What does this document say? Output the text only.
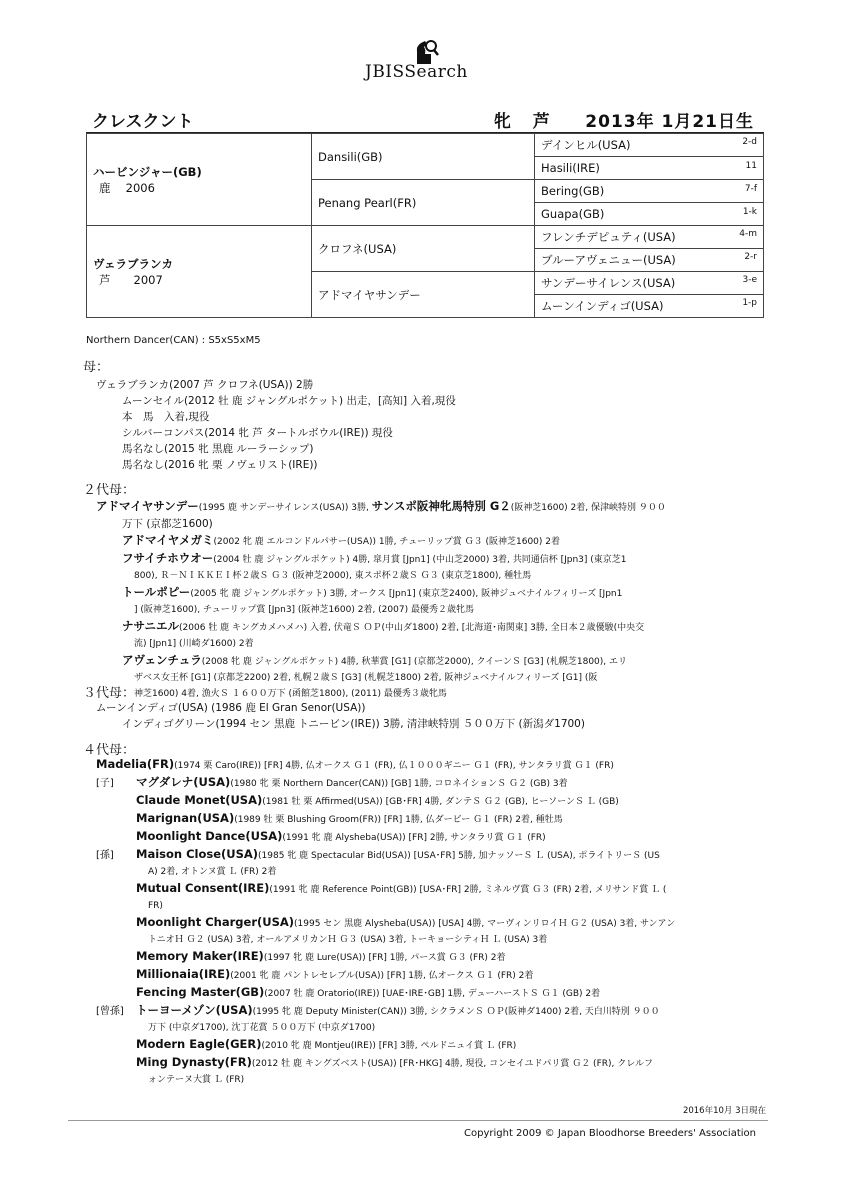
JBISSearch
クレスクント	牝 芦 2013年 1月21日生
ハービンジャー(GB)
鹿　 2006	Dansili(GB)	デインヒル(USA) 2-d

		Hasili(IRE) 11

	Penang Pearl(FR)	Bering(GB) 7-f

		Guapa(GB) 1-k

ヴェラブランカ
芦　　2007	クロフネ(USA)	フレンチデピュティ(USA) 4-m

		ブルーアヴェニュー(USA) 2-r

	アドマイヤサンデー	サンデーサイレンス(USA) 3-e

		ムーンインディゴ(USA) 1-p
Northern Dancer(CAN) : S5xS5xM5
母：
ヴェラブランカ(2007 芦 クロフネ(USA)) 2勝
ムーンセイル(2012 牡 鹿 ジャングルポケット) 出走，[高知] 入着,現役
本　馬　入着,現役
シルバーコンパス(2014 牝 芦 タートルボウル(IRE)) 現役
馬名なし(2015 牝 黒鹿 ルーラーシップ)
馬名なし(2016 牝 栗 ノヴェリスト(IRE))
２代母：
アドマイヤサンデー(1995 鹿 サンデーサイレンス(USA)) 3勝, サンスポ阪神牝馬特別 G２(阪神芝1600) 2着, 保津峡特別 ９００
万下 (京都芝1600)
アドマイヤメガミ(2002 牝 鹿 エルコンドルパサー(USA)) 1勝, チューリップ賞 Ｇ３ (阪神芝1600) 2着
フサイチホウオー(2004 牡 鹿 ジャングルポケット) 4勝, 皐月賞 [Jpn1] (中山芝2000) 3着, 共同通信杯 [Jpn3] (東京芝1
800), Ｒ－ＮＩＫＫＥＩ杯２歳Ｓ Ｇ３ (阪神芝2000), 東スポ杯２歳Ｓ Ｇ３ (東京芝1800), 種牡馬
トールポピー(2005 牝 鹿 ジャングルポケット) 3勝, オークス [Jpn1] (東京芝2400), 阪神ジュベナイルフィリーズ [Jpn1
] (阪神芝1600), チューリップ賞 [Jpn3] (阪神芝1600) 2着, (2007) 最優秀２歳牝馬
ナサニエル(2006 牡 鹿 キングカメハメハ) 入着, 伏竜Ｓ ＯＰ(中山ダ1800) 2着, [北海道･南関東] 3勝, 全日本２歳優駿(中央交
流) [Jpn1] (川崎ダ1600) 2着
アヴェンチュラ(2008 牝 鹿 ジャングルポケット) 4勝, 秋華賞 [G1] (京都芝2000), クイーンＳ [G3] (札幌芝1800), エリ
ザベス女王杯 [G1] (京都芝2200) 2着, 札幌２歳Ｓ [G3] (札幌芝1800) 2着, 阪神ジュベナイルフィリーズ [G1] (阪
神芝1600) 4着, 漁火Ｓ １６００万下 (函館芝1800), (2011) 最優秀３歳牝馬
３代母：
ムーンインディゴ(USA) (1986 鹿 El Gran Senor(USA))
インディゴグリーン(1994 セン 黒鹿 トニービン(IRE)) 3勝, 清津峡特別 ５００万下 (新潟ダ1700)
４代母：
Madelia(FR)(1974 栗 Caro(IRE)) [FR] 4勝, 仏オークス Ｇ１ (FR), 仏１０００ギニー Ｇ１ (FR), サンタラリ賞 Ｇ１ (FR)
[子] マグダレナ(USA)(1980 牝 栗 Northern Dancer(CAN)) [GB] 1勝, コロネイションＳ Ｇ２ (GB) 3着
Claude Monet(USA)(1981 牡 栗 Affirmed(USA)) [GB･FR] 4勝, ダンテＳ Ｇ２ (GB), ヒーソーンＳ Ｌ (GB)
Marignan(USA)(1989 牡 栗 Blushing Groom(FR)) [FR] 1勝, 仏ダービー Ｇ１ (FR) 2着, 種牡馬
Moonlight Dance(USA)(1991 牝 鹿 Alysheba(USA)) [FR] 2勝, サンタラリ賞 Ｇ１ (FR)
[孫] Maison Close(USA)(1985 牝 鹿 Spectacular Bid(USA)) [USA･FR] 5勝, 加ナッソーＳ Ｌ (USA), ポライトリーＳ (US
A) 2着, オトンヌ賞 Ｌ (FR) 2着
Mutual Consent(IRE)(1991 牝 鹿 Reference Point(GB)) [USA･FR] 2勝, ミネルヴ賞 Ｇ３ (FR) 2着, メリサンド賞 Ｌ (
FR)
Moonlight Charger(USA)(1995 セン 黒鹿 Alysheba(USA)) [USA] 4勝, マーヴィンリロイＨ Ｇ２ (USA) 3着, サンアン
トニオＨ Ｇ２ (USA) 3着, オールアメリカンＨ Ｇ３ (USA) 3着, トーキョーシティＨ Ｌ (USA) 3着
Memory Maker(IRE)(1997 牝 鹿 Lure(USA)) [FR] 1勝, パース賞 Ｇ３ (FR) 2着
Millionaia(IRE)(2001 牝 鹿 パントレセレブル(USA)) [FR] 1勝, 仏オークス Ｇ１ (FR) 2着
Fencing Master(GB)(2007 牡 鹿 Oratorio(IRE)) [UAE･IRE･GB] 1勝, デューハーストＳ Ｇ１ (GB) 2着
[曾孫] トーヨーメゾン(USA)(1995 牝 鹿 Deputy Minister(CAN)) 3勝, シクラメンＳ ＯＰ(阪神ダ1400) 2着, 天白川特別 ９００
万下 (中京ダ1700), 沈丁花賞 ５００万下 (中京ダ1700)
Modern Eagle(GER)(2010 牝 鹿 Montjeu(IRE)) [FR] 3勝, ペルドニュイ賞 Ｌ (FR)
Ming Dynasty(FR)(2012 牡 鹿 キングズベスト(USA)) [FR･HKG] 4勝, 現役, コンセイユドパリ賞 Ｇ２ (FR), クレルフ
ォンテーヌ大賞 Ｌ (FR)
2016年10月 3日現在
Copyright 2009 © Japan Bloodhorse Breeders' Association
